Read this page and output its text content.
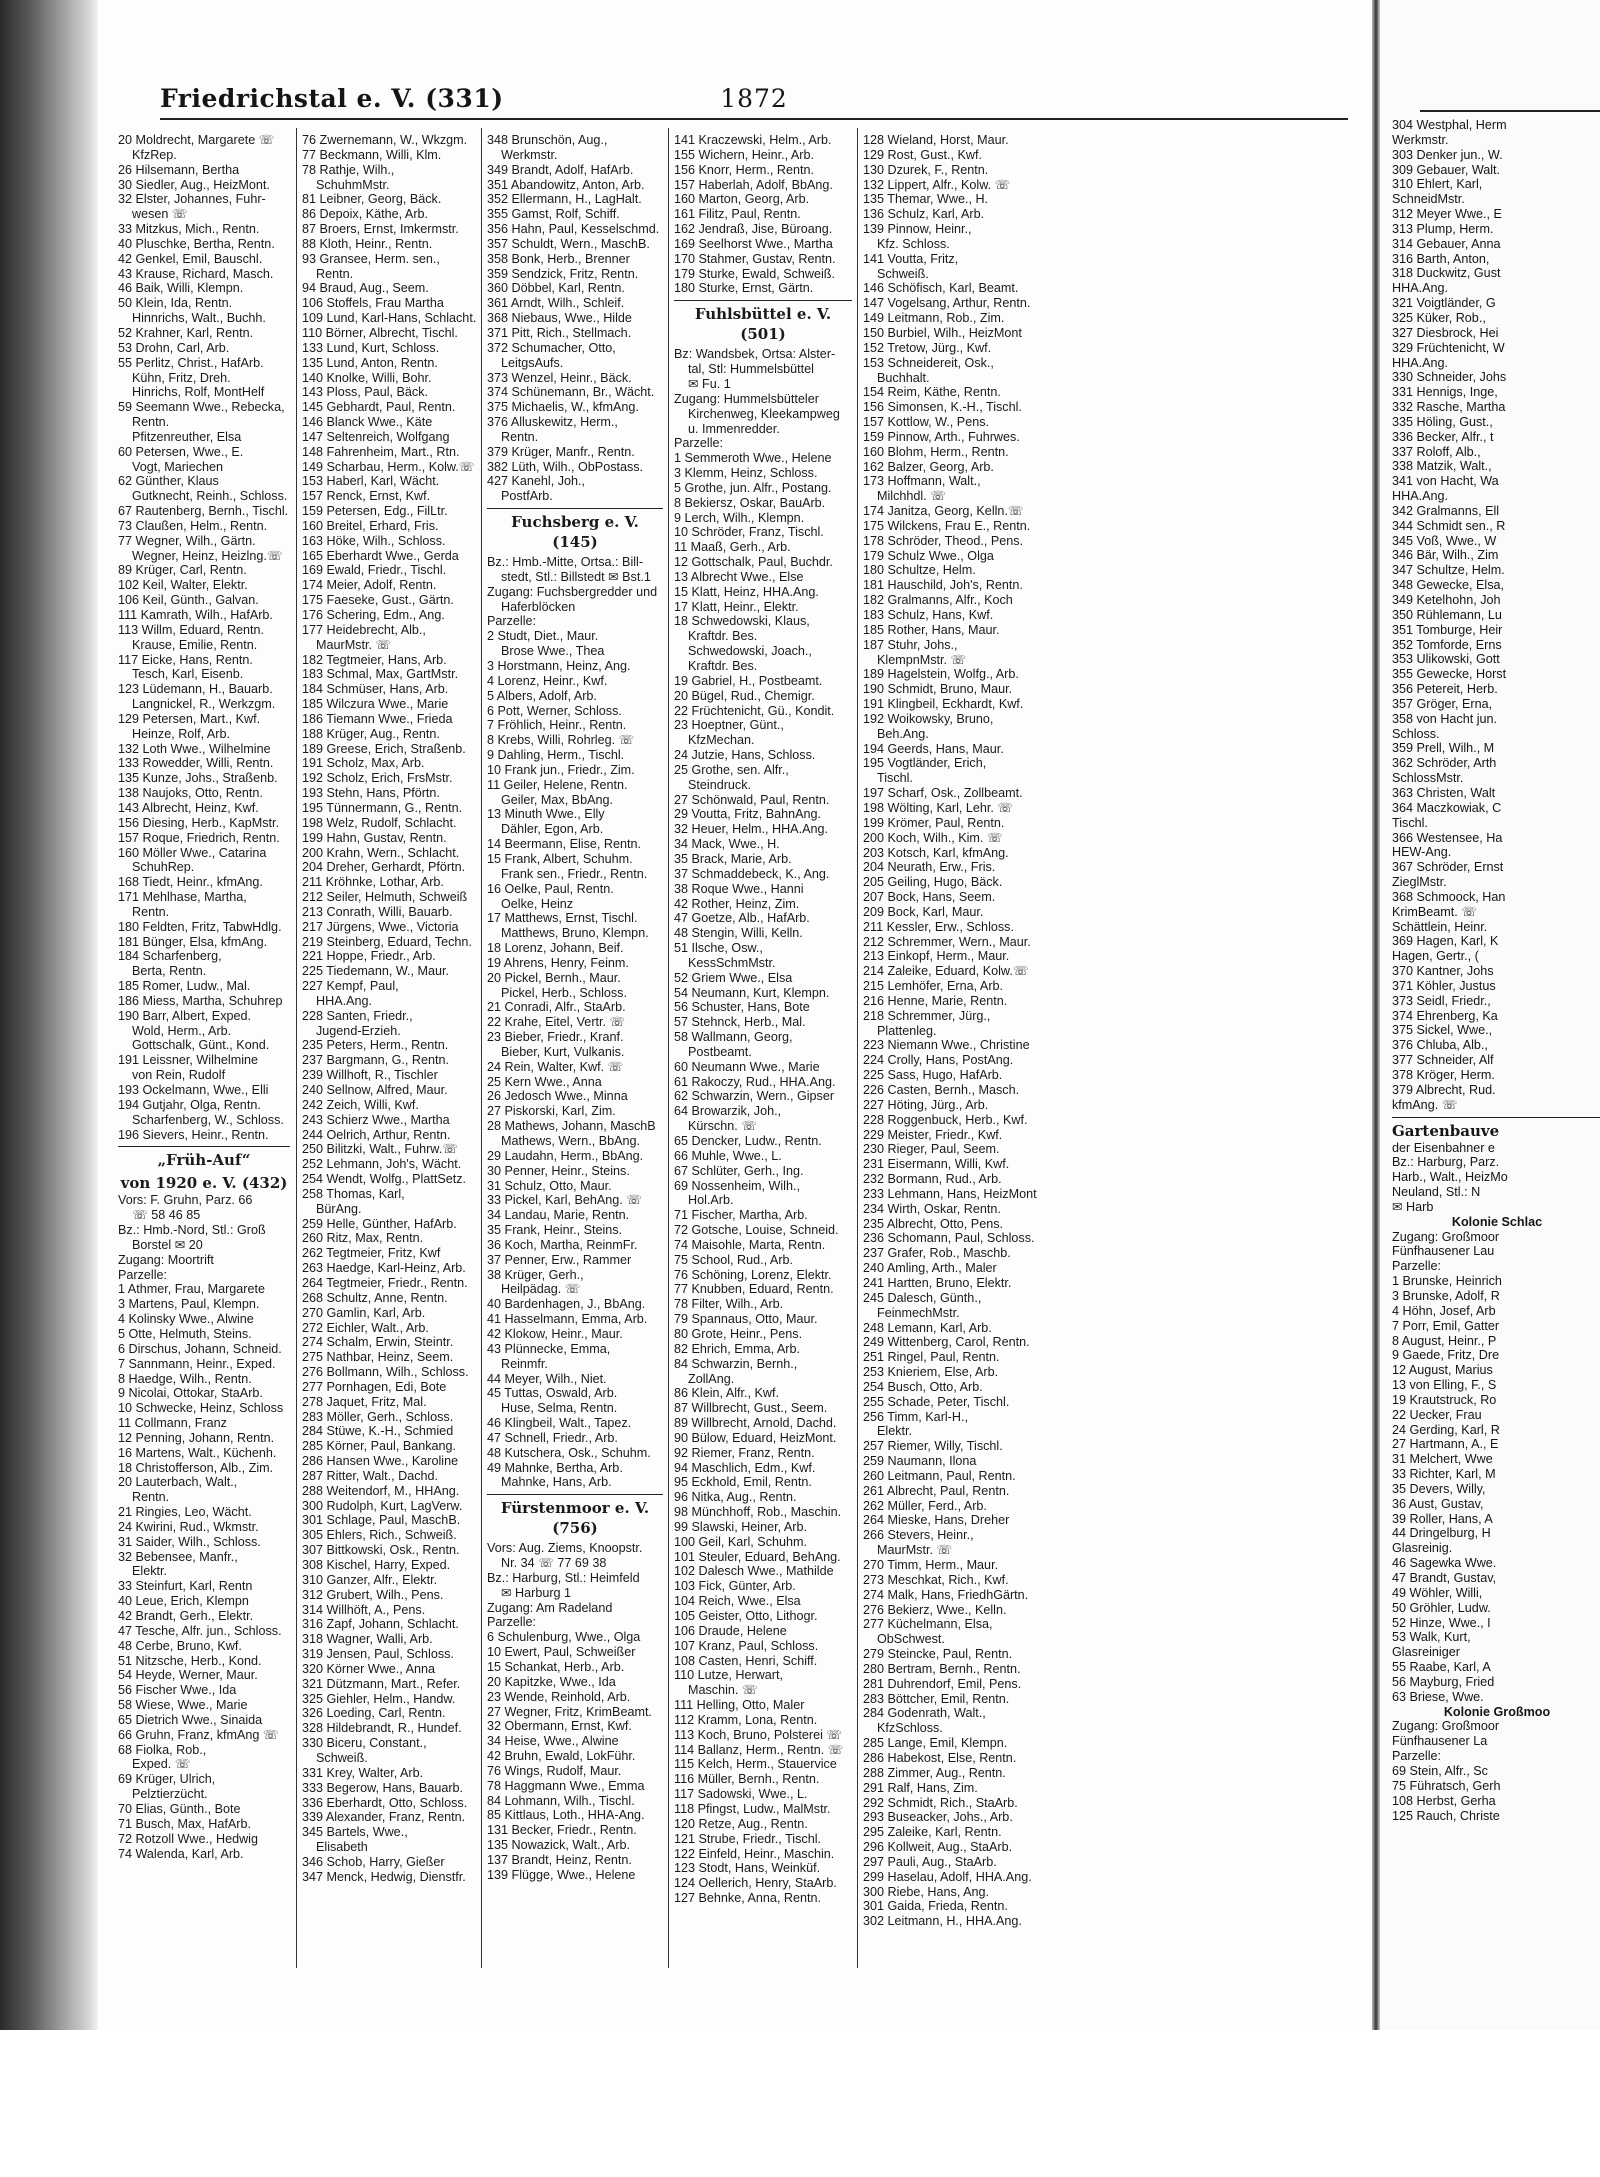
Friedrichstal e. V. (331)	1872
20 Moldrecht, Margarete ☏
KfzRep.
26 Hilsemann, Bertha
30 Siedler, Aug., HeizMont.
32 Elster, Johannes, Fuhr-
wesen ☏
33 Mitzkus, Mich., Rentn.
40 Pluschke, Bertha, Rentn.
42 Genkel, Emil, Bauschl.
43 Krause, Richard, Masch.
46 Baik, Willi, Klempn.
50 Klein, Ida, Rentn.
Hinnrichs, Walt., Buchh.
52 Krahner, Karl, Rentn.
53 Drohn, Carl, Arb.
55 Perlitz, Christ., HafArb.
Kühn, Fritz, Dreh.
Hinrichs, Rolf, MontHelf
59 Seemann Wwe., Rebecka,
Rentn.
Pfitzenreuther, Elsa
60 Petersen, Wwe., E.
Vogt, Mariechen
62 Günther, Klaus
Gutknecht, Reinh., Schloss.
67 Rautenberg, Bernh., Tischl.
73 Claußen, Helm., Rentn.
77 Wegner, Wilh., Gärtn.
Wegner, Heinz, Heizlng.☏
89 Krüger, Carl, Rentn.
102 Keil, Walter, Elektr.
106 Keil, Günth., Galvan.
111 Kamrath, Wilh., HafArb.
113 Willm, Eduard, Rentn.
Krause, Emilie, Rentn.
117 Eicke, Hans, Rentn.
Tesch, Karl, Eisenb.
123 Lüdemann, H., Bauarb.
Langnickel, R., Werkzgm.
129 Petersen, Mart., Kwf.
Heinze, Rolf, Arb.
132 Loth Wwe., Wilhelmine
133 Rowedder, Willi, Rentn.
135 Kunze, Johs., Straßenb.
138 Naujoks, Otto, Rentn.
143 Albrecht, Heinz, Kwf.
156 Diesing, Herb., KapMstr.
157 Roque, Friedrich, Rentn.
160 Möller Wwe., Catarina
SchuhRep.
168 Tiedt, Heinr., kfmAng.
171 Mehlhase, Martha,
Rentn.
180 Feldten, Fritz, TabwHdlg.
181 Bünger, Elsa, kfmAng.
184 Scharfenberg,
Berta, Rentn.
185 Romer, Ludw., Mal.
186 Miess, Martha, Schuhrep
190 Barr, Albert, Exped.
Wold, Herm., Arb.
Gottschalk, Günt., Kond.
191 Leissner, Wilhelmine
von Rein, Rudolf
193 Ockelmann, Wwe., Elli
194 Gutjahr, Olga, Rentn.
Scharfenberg, W., Schloss.
196 Sievers, Heinr., Rentn.
„Früh-Auf“
von 1920 e. V. (432)
Vors: F. Gruhn, Parz. 66
☏ 58 46 85
Bz.: Hmb.-Nord, Stl.: Groß
Borstel ✉ 20
Zugang: Moortrift
Parzelle:
1 Athmer, Frau, Margarete
3 Martens, Paul, Klempn.
4 Kolinsky Wwe., Alwine
5 Otte, Helmuth, Steins.
6 Dirschus, Johann, Schneid.
7 Sannmann, Heinr., Exped.
8 Haedge, Wilh., Rentn.
9 Nicolai, Ottokar, StaArb.
10 Schwecke, Heinz, Schloss
11 Collmann, Franz
12 Penning, Johann, Rentn.
16 Martens, Walt., Küchenh.
18 Christofferson, Alb., Zim.
20 Lauterbach, Walt.,
Rentn.
21 Ringies, Leo, Wächt.
24 Kwirini, Rud., Wkmstr.
31 Saider, Wilh., Schloss.
32 Bebensee, Manfr.,
Elektr.
33 Steinfurt, Karl, Rentn
40 Leue, Erich, Klempn
42 Brandt, Gerh., Elektr.
47 Tesche, Alfr. jun., Schloss.
48 Cerbe, Bruno, Kwf.
51 Nitzsche, Herb., Kond.
54 Heyde, Werner, Maur.
56 Fischer Wwe., Ida
58 Wiese, Wwe., Marie
65 Dietrich Wwe., Sinaida
66 Gruhn, Franz, kfmAng ☏
68 Fiolka, Rob.,
Exped. ☏
69 Krüger, Ulrich,
Pelztierzücht.
70 Elias, Günth., Bote
71 Busch, Max, HafArb.
72 Rotzoll Wwe., Hedwig
74 Walenda, Karl, Arb.
76 Zwernemann, W., Wkzgm.
77 Beckmann, Willi, Klm.
78 Rathje, Wilh.,
SchuhmMstr.
81 Leibner, Georg, Bäck.
86 Depoix, Käthe, Arb.
87 Broers, Ernst, Imkermstr.
88 Kloth, Heinr., Rentn.
93 Gransee, Herm. sen.,
Rentn.
94 Braud, Aug., Seem.
106 Stoffels, Frau Martha
109 Lund, Karl-Hans, Schlacht.
110 Börner, Albrecht, Tischl.
133 Lund, Kurt, Schloss.
135 Lund, Anton, Rentn.
140 Knolke, Willi, Bohr.
143 Ploss, Paul, Bäck.
145 Gebhardt, Paul, Rentn.
146 Blanck Wwe., Käte
147 Seltenreich, Wolfgang
148 Fahrenheim, Mart., Rtn.
149 Scharbau, Herm., Kolw.☏
153 Haberl, Karl, Wächt.
157 Renck, Ernst, Kwf.
159 Petersen, Edg., FilLtr.
160 Breitel, Erhard, Fris.
163 Höke, Wilh., Schloss.
165 Eberhardt Wwe., Gerda
169 Ewald, Friedr., Tischl.
174 Meier, Adolf, Rentn.
175 Faeseke, Gust., Gärtn.
176 Schering, Edm., Ang.
177 Heidebrecht, Alb.,
MaurMstr. ☏
182 Tegtmeier, Hans, Arb.
183 Schmal, Max, GartMstr.
184 Schmüser, Hans, Arb.
185 Wilczura Wwe., Marie
186 Tiemann Wwe., Frieda
188 Krüger, Aug., Rentn.
189 Greese, Erich, Straßenb.
191 Scholz, Max, Arb.
192 Scholz, Erich, FrsMstr.
193 Stehn, Hans, Pförtn.
195 Tünnermann, G., Rentn.
198 Welz, Rudolf, Schlacht.
199 Hahn, Gustav, Rentn.
200 Krahn, Wern., Schlacht.
204 Dreher, Gerhardt, Pförtn.
211 Kröhnke, Lothar, Arb.
212 Seiler, Helmuth, Schweiß
213 Conrath, Willi, Bauarb.
217 Jürgens, Wwe., Victoria
219 Steinberg, Eduard, Techn.
221 Hoppe, Friedr., Arb.
225 Tiedemann, W., Maur.
227 Kempf, Paul,
HHA.Ang.
228 Santen, Friedr.,
Jugend-Erzieh.
235 Peters, Herm., Rentn.
237 Bargmann, G., Rentn.
239 Willhoft, R., Tischler
240 Sellnow, Alfred, Maur.
242 Zeich, Willi, Kwf.
243 Schierz Wwe., Martha
244 Oelrich, Arthur, Rentn.
250 Bilitzki, Walt., Fuhrw.☏
252 Lehmann, Joh's, Wächt.
254 Wendt, Wolfg., PlattSetz.
258 Thomas, Karl,
BürAng.
259 Helle, Günther, HafArb.
260 Ritz, Max, Rentn.
262 Tegtmeier, Fritz, Kwf
263 Haedge, Karl-Heinz, Arb.
264 Tegtmeier, Friedr., Rentn.
268 Schultz, Anne, Rentn.
270 Gamlin, Karl, Arb.
272 Eichler, Walt., Arb.
274 Schalm, Erwin, Steintr.
275 Nathbar, Heinz, Seem.
276 Bollmann, Wilh., Schloss.
277 Pornhagen, Edi, Bote
278 Jaquet, Fritz, Mal.
283 Möller, Gerh., Schloss.
284 Stüwe, K.-H., Schmied
285 Körner, Paul, Bankang.
286 Hansen Wwe., Karoline
287 Ritter, Walt., Dachd.
288 Weitendorf, M., HHAng.
300 Rudolph, Kurt, LagVerw.
301 Schlage, Paul, MaschB.
305 Ehlers, Rich., Schweiß.
307 Bittkowski, Osk., Rentn.
308 Kischel, Harry, Exped.
310 Ganzer, Alfr., Elektr.
312 Grubert, Wilh., Pens.
314 Willhöft, A., Pens.
316 Zapf, Johann, Schlacht.
318 Wagner, Walli, Arb.
319 Jensen, Paul, Schloss.
320 Körner Wwe., Anna
321 Dützmann, Mart., Refer.
325 Giehler, Helm., Handw.
326 Loeding, Carl, Rentn.
328 Hildebrandt, R., Hundef.
330 Biceru, Constant.,
Schweiß.
331 Krey, Walter, Arb.
333 Begerow, Hans, Bauarb.
336 Eberhardt, Otto, Schloss.
339 Alexander, Franz, Rentn.
345 Bartels, Wwe.,
Elisabeth
346 Schob, Harry, Gießer
347 Menck, Hedwig, Dienstfr.
348 Brunschön, Aug.,
Werkmstr.
349 Brandt, Adolf, HafArb.
351 Abandowitz, Anton, Arb.
352 Ellermann, H., LagHalt.
355 Gamst, Rolf, Schiff.
356 Hahn, Paul, Kesselschmd.
357 Schuldt, Wern., MaschB.
358 Bonk, Herb., Brenner
359 Sendzick, Fritz, Rentn.
360 Döbbel, Karl, Rentn.
361 Arndt, Wilh., Schleif.
368 Niebaus, Wwe., Hilde
371 Pitt, Rich., Stellmach.
372 Schumacher, Otto,
LeitgsAufs.
373 Wenzel, Heinr., Bäck.
374 Schünemann, Br., Wächt.
375 Michaelis, W., kfmAng.
376 Alluskewitz, Herm.,
Rentn.
379 Krüger, Manfr., Rentn.
382 Lüth, Wilh., ObPostass.
427 Kanehl, Joh.,
PostfArb.
Fuchsberg e. V. (145)
Bz.: Hmb.-Mitte, Ortsa.: Bill-
stedt, Stl.: Billstedt ✉ Bst.1
Zugang: Fuchsbergredder und
Haferblöcken
Parzelle:
2 Studt, Diet., Maur.
Brose Wwe., Thea
3 Horstmann, Heinz, Ang.
4 Lorenz, Heinr., Kwf.
5 Albers, Adolf, Arb.
6 Pott, Werner, Schloss.
7 Fröhlich, Heinr., Rentn.
8 Krebs, Willi, Rohrleg. ☏
9 Dahling, Herm., Tischl.
10 Frank jun., Friedr., Zim.
11 Geiler, Helene, Rentn.
Geiler, Max, BbAng.
13 Minuth Wwe., Elly
Dähler, Egon, Arb.
14 Beermann, Elise, Rentn.
15 Frank, Albert, Schuhm.
Frank sen., Friedr., Rentn.
16 Oelke, Paul, Rentn.
Oelke, Heinz
17 Matthews, Ernst, Tischl.
Matthews, Bruno, Klempn.
18 Lorenz, Johann, Beif.
19 Ahrens, Henry, Feinm.
20 Pickel, Bernh., Maur.
Pickel, Herb., Schloss.
21 Conradi, Alfr., StaArb.
22 Krahe, Eitel, Vertr. ☏
23 Bieber, Friedr., Kranf.
Bieber, Kurt, Vulkanis.
24 Rein, Walter, Kwf. ☏
25 Kern Wwe., Anna
26 Jedosch Wwe., Minna
27 Piskorski, Karl, Zim.
28 Mathews, Johann, MaschB
Mathews, Wern., BbAng.
29 Laudahn, Herm., BbAng.
30 Penner, Heinr., Steins.
31 Schulz, Otto, Maur.
33 Pickel, Karl, BehAng. ☏
34 Landau, Marie, Rentn.
35 Frank, Heinr., Steins.
36 Koch, Martha, ReinmFr.
37 Penner, Erw., Rammer
38 Krüger, Gerh.,
Heilpädag. ☏
40 Bardenhagen, J., BbAng.
41 Hasselmann, Emma, Arb.
42 Klokow, Heinr., Maur.
43 Plünnecke, Emma,
Reinmfr.
44 Meyer, Wilh., Niet.
45 Tuttas, Oswald, Arb.
Huse, Selma, Rentn.
46 Klingbeil, Walt., Tapez.
47 Schnell, Friedr., Arb.
48 Kutschera, Osk., Schuhm.
49 Mahnke, Bertha, Arb.
Mahnke, Hans, Arb.
Fürstenmoor e. V. (756)
Vors: Aug. Ziems, Knoopstr.
Nr. 34 ☏ 77 69 38
Bz.: Harburg, Stl.: Heimfeld
✉ Harburg 1
Zugang: Am Radeland
Parzelle:
6 Schulenburg, Wwe., Olga
10 Ewert, Paul, Schweißer
15 Schankat, Herb., Arb.
20 Kapitzke, Wwe., Ida
23 Wende, Reinhold, Arb.
27 Wegner, Fritz, KrimBeamt.
32 Obermann, Ernst, Kwf.
34 Heise, Wwe., Alwine
42 Bruhn, Ewald, LokFühr.
76 Wings, Rudolf, Maur.
78 Haggmann Wwe., Emma
84 Lohmann, Wilh., Tischl.
85 Kittlaus, Loth., HHA-Ang.
131 Becker, Friedr., Rentn.
135 Nowazick, Walt., Arb.
137 Brandt, Heinz, Rentn.
139 Flügge, Wwe., Helene
141 Kraczewski, Helm., Arb.
155 Wichern, Heinr., Arb.
156 Knorr, Herm., Rentn.
157 Haberlah, Adolf, BbAng.
160 Marton, Georg, Arb.
161 Filitz, Paul, Rentn.
162 Jendraß, Jise, Büroang.
169 Seelhorst Wwe., Martha
170 Stahmer, Gustav, Rentn.
179 Sturke, Ewald, Schweiß.
180 Sturke, Ernst, Gärtn.
Fuhlsbüttel e. V. (501)
Bz: Wandsbek, Ortsa: Alster-
tal, Stl: Hummelsbüttel
✉ Fu. 1
Zugang: Hummelsbütteler
Kirchenweg, Kleekampweg
u. Immenredder.
Parzelle:
1 Semmeroth Wwe., Helene
3 Klemm, Heinz, Schloss.
5 Grothe, jun. Alfr., Postang.
8 Bekiersz, Oskar, BauArb.
9 Lerch, Wilh., Klempn.
10 Schröder, Franz, Tischl.
11 Maaß, Gerh., Arb.
12 Gottschalk, Paul, Buchdr.
13 Albrecht Wwe., Else
15 Klatt, Heinz, HHA.Ang.
17 Klatt, Heinr., Elektr.
18 Schwedowski, Klaus,
Kraftdr. Bes.
Schwedowski, Joach.,
Kraftdr. Bes.
19 Gabriel, H., Postbeamt.
20 Bügel, Rud., Chemigr.
22 Früchtenicht, Gü., Kondit.
23 Hoeptner, Günt.,
KfzMechan.
24 Jutzie, Hans, Schloss.
25 Grothe, sen. Alfr.,
Steindruck.
27 Schönwald, Paul, Rentn.
29 Voutta, Fritz, BahnAng.
32 Heuer, Helm., HHA.Ang.
34 Mack, Wwe., H.
35 Brack, Marie, Arb.
37 Schmaddebeck, K., Ang.
38 Roque Wwe., Hanni
42 Rother, Heinz, Zim.
47 Goetze, Alb., HafArb.
48 Stengin, Willi, Kelln.
51 Ilsche, Osw.,
KessSchmMstr.
52 Griem Wwe., Elsa
54 Neumann, Kurt, Klempn.
56 Schuster, Hans, Bote
57 Stehnck, Herb., Mal.
58 Wallmann, Georg,
Postbeamt.
60 Neumann Wwe., Marie
61 Rakoczy, Rud., HHA.Ang.
62 Schwarzin, Wern., Gipser
64 Browarzik, Joh.,
Kürschn. ☏
65 Dencker, Ludw., Rentn.
66 Muhle, Wwe., L.
67 Schlüter, Gerh., Ing.
69 Nossenheim, Wilh.,
Hol.Arb.
71 Fischer, Martha, Arb.
72 Gotsche, Louise, Schneid.
74 Maisohle, Marta, Rentn.
75 School, Rud., Arb.
76 Schöning, Lorenz, Elektr.
77 Knubben, Eduard, Rentn.
78 Filter, Wilh., Arb.
79 Spannaus, Otto, Maur.
80 Grote, Heinr., Pens.
82 Ehrich, Emma, Arb.
84 Schwarzin, Bernh.,
ZollAng.
86 Klein, Alfr., Kwf.
87 Willbrecht, Gust., Seem.
89 Willbrecht, Arnold, Dachd.
90 Bülow, Eduard, HeizMont.
92 Riemer, Franz, Rentn.
94 Maschlich, Edm., Kwf.
95 Eckhold, Emil, Rentn.
96 Nitka, Aug., Rentn.
98 Münchhoff, Rob., Maschin.
99 Slawski, Heiner, Arb.
100 Geil, Karl, Schuhm.
101 Steuler, Eduard, BehAng.
102 Dalesch Wwe., Mathilde
103 Fick, Günter, Arb.
104 Reich, Wwe., Elsa
105 Geister, Otto, Lithogr.
106 Draude, Helene
107 Kranz, Paul, Schloss.
108 Casten, Henri, Schiff.
110 Lutze, Herwart,
Maschin. ☏
111 Helling, Otto, Maler
112 Kramm, Lona, Rentn.
113 Koch, Bruno, Polsterei ☏
114 Ballanz, Herm., Rentn. ☏
115 Kelch, Herm., Stauervice
116 Müller, Bernh., Rentn.
117 Sadowski, Wwe., L.
118 Pfingst, Ludw., MalMstr.
120 Retze, Aug., Rentn.
121 Strube, Friedr., Tischl.
122 Einfeld, Heinr., Maschin.
123 Stodt, Hans, Weinküf.
124 Oellerich, Henry, StaArb.
127 Behnke, Anna, Rentn.
128 Wieland, Horst, Maur.
129 Rost, Gust., Kwf.
130 Dzurek, F., Rentn.
132 Lippert, Alfr., Kolw. ☏
135 Themar, Wwe., H.
136 Schulz, Karl, Arb.
139 Pinnow, Heinr.,
Kfz. Schloss.
141 Voutta, Fritz,
Schweiß.
146 Schöfisch, Karl, Beamt.
147 Vogelsang, Arthur, Rentn.
149 Leitmann, Rob., Zim.
150 Burbiel, Wilh., HeizMont
152 Tretow, Jürg., Kwf.
153 Schneidereit, Osk.,
Buchhalt.
154 Reim, Käthe, Rentn.
156 Simonsen, K.-H., Tischl.
157 Kottlow, W., Pens.
159 Pinnow, Arth., Fuhrwes.
160 Blohm, Herm., Rentn.
162 Balzer, Georg, Arb.
173 Hoffmann, Walt.,
Milchhdl. ☏
174 Janitza, Georg, Kelln.☏
175 Wilckens, Frau E., Rentn.
178 Schröder, Theod., Pens.
179 Schulz Wwe., Olga
180 Schultze, Helm.
181 Hauschild, Joh's, Rentn.
182 Gralmanns, Alfr., Koch
183 Schulz, Hans, Kwf.
185 Rother, Hans, Maur.
187 Stuhr, Johs.,
KlempnMstr. ☏
189 Hagelstein, Wolfg., Arb.
190 Schmidt, Bruno, Maur.
191 Klingbeil, Eckhardt, Kwf.
192 Woikowsky, Bruno,
Beh.Ang.
194 Geerds, Hans, Maur.
195 Vogtländer, Erich,
Tischl.
197 Scharf, Osk., Zollbeamt.
198 Wölting, Karl, Lehr. ☏
199 Krömer, Paul, Rentn.
200 Koch, Wilh., Kim. ☏
203 Kotsch, Karl, kfmAng.
204 Neurath, Erw., Fris.
205 Geiling, Hugo, Bäck.
207 Bock, Hans, Seem.
209 Bock, Karl, Maur.
211 Kessler, Erw., Schloss.
212 Schremmer, Wern., Maur.
213 Einkopf, Herm., Maur.
214 Zaleike, Eduard, Kolw.☏
215 Lemhöfer, Erna, Arb.
216 Henne, Marie, Rentn.
218 Schremmer, Jürg.,
Plattenleg.
223 Niemann Wwe., Christine
224 Crolly, Hans, PostAng.
225 Sass, Hugo, HafArb.
226 Casten, Bernh., Masch.
227 Höting, Jürg., Arb.
228 Roggenbuck, Herb., Kwf.
229 Meister, Friedr., Kwf.
230 Rieger, Paul, Seem.
231 Eisermann, Willi, Kwf.
232 Bormann, Rud., Arb.
233 Lehmann, Hans, HeizMont
234 Wirth, Oskar, Rentn.
235 Albrecht, Otto, Pens.
236 Schomann, Paul, Schloss.
237 Grafer, Rob., Maschb.
240 Amling, Arth., Maler
241 Hartten, Bruno, Elektr.
245 Dalesch, Günth.,
FeinmechMstr.
248 Lemann, Karl, Arb.
249 Wittenberg, Carol, Rentn.
251 Ringel, Paul, Rentn.
253 Knieriem, Else, Arb.
254 Busch, Otto, Arb.
255 Schade, Peter, Tischl.
256 Timm, Karl-H.,
Elektr.
257 Riemer, Willy, Tischl.
259 Naumann, Ilona
260 Leitmann, Paul, Rentn.
261 Albrecht, Paul, Rentn.
262 Müller, Ferd., Arb.
264 Mieske, Hans, Dreher
266 Stevers, Heinr.,
MaurMstr. ☏
270 Timm, Herm., Maur.
273 Meschkat, Rich., Kwf.
274 Malk, Hans, FriedhGärtn.
276 Bekierz, Wwe., Kelln.
277 Küchelmann, Elsa,
ObSchwest.
279 Steincke, Paul, Rentn.
280 Bertram, Bernh., Rentn.
281 Duhrendorf, Emil, Pens.
283 Böttcher, Emil, Rentn.
284 Godenrath, Walt.,
KfzSchloss.
285 Lange, Emil, Klempn.
286 Habekost, Else, Rentn.
288 Zimmer, Aug., Rentn.
291 Ralf, Hans, Zim.
292 Schmidt, Rich., StaArb.
293 Buseacker, Johs., Arb.
295 Zaleike, Karl, Rentn.
296 Kollweit, Aug., StaArb.
297 Pauli, Aug., StaArb.
299 Haselau, Adolf, HHA.Ang.
300 Riebe, Hans, Ang.
301 Gaida, Frieda, Rentn.
302 Leitmann, H., HHA.Ang.
304 Westphal, Herm
Werkmstr.
303 Denker jun., W.
309 Gebauer, Walt.
310 Ehlert, Karl,
SchneidMstr.
312 Meyer Wwe., E
313 Plump, Herm.
314 Gebauer, Anna
316 Barth, Anton,
318 Duckwitz, Gust
HHA.Ang.
321 Voigtländer, G
325 Küker, Rob.,
327 Diesbrock, Hei
329 Früchtenicht, W
HHA.Ang.
330 Schneider, Johs
331 Hennigs, Inge,
332 Rasche, Martha
335 Höling, Gust.,
336 Becker, Alfr., t
337 Roloff, Alb.,
338 Matzik, Walt.,
341 von Hacht, Wa
HHA.Ang.
342 Gralmanns, Ell
344 Schmidt sen., R
345 Voß, Wwe., W
346 Bär, Wilh., Zim
347 Schultze, Helm.
348 Gewecke, Elsa,
349 Ketelhohn, Joh
350 Rühlemann, Lu
351 Tomburge, Heir
352 Tomforde, Erns
353 Ulikowski, Gott
355 Gewecke, Horst
356 Petereit, Herb.
357 Gröger, Erna,
358 von Hacht jun.
Schloss.
359 Prell, Wilh., M
362 Schröder, Arth
SchlossMstr.
363 Christen, Walt
364 Maczkowiak, C
Tischl.
366 Westensee, Ha
HEW-Ang.
367 Schröder, Ernst
ZieglMstr.
368 Schmoock, Han
KrimBeamt. ☏
Schättlein, Heinr.
369 Hagen, Karl, K
Hagen, Gertr., (
370 Kantner, Johs
371 Köhler, Justus
373 Seidl, Friedr.,
374 Ehrenberg, Ka
375 Sickel, Wwe.,
376 Chluba, Alb.,
377 Schneider, Alf
378 Kröger, Herm.
379 Albrecht, Rud.
kfmAng. ☏
Gartenbauve
der Eisenbahner e
Bz.: Harburg, Parz.
Harb., Walt., HeizMo
Neuland, Stl.: N
✉ Harb
Kolonie Schlac
Zugang: Großmoor
Fünfhausener Lau
Parzelle:
1 Brunske, Heinrich
3 Brunske, Adolf, R
4 Höhn, Josef, Arb
7 Porr, Emil, Gatter
8 August, Heinr., P
9 Gaede, Fritz, Dre
12 August, Marius
13 von Elling, F., S
19 Krautstruck, Ro
22 Uecker, Frau
24 Gerding, Karl, R
27 Hartmann, A., E
31 Melchert, Wwe
33 Richter, Karl, M
35 Devers, Willy,
36 Aust, Gustav,
39 Roller, Hans, A
44 Dringelburg, H
Glasreinig.
46 Sagewka Wwe.
47 Brandt, Gustav,
49 Wöhler, Willi,
50 Gröhler, Ludw.
52 Hinze, Wwe., I
53 Walk, Kurt,
Glasreiniger
55 Raabe, Karl, A
56 Mayburg, Fried
63 Briese, Wwe.
Kolonie Großmoo
Zugang: Großmoor
Fünfhausener La
Parzelle:
69 Stein, Alfr., Sc
75 Führatsch, Gerh
108 Herbst, Gerha
125 Rauch, Christe
